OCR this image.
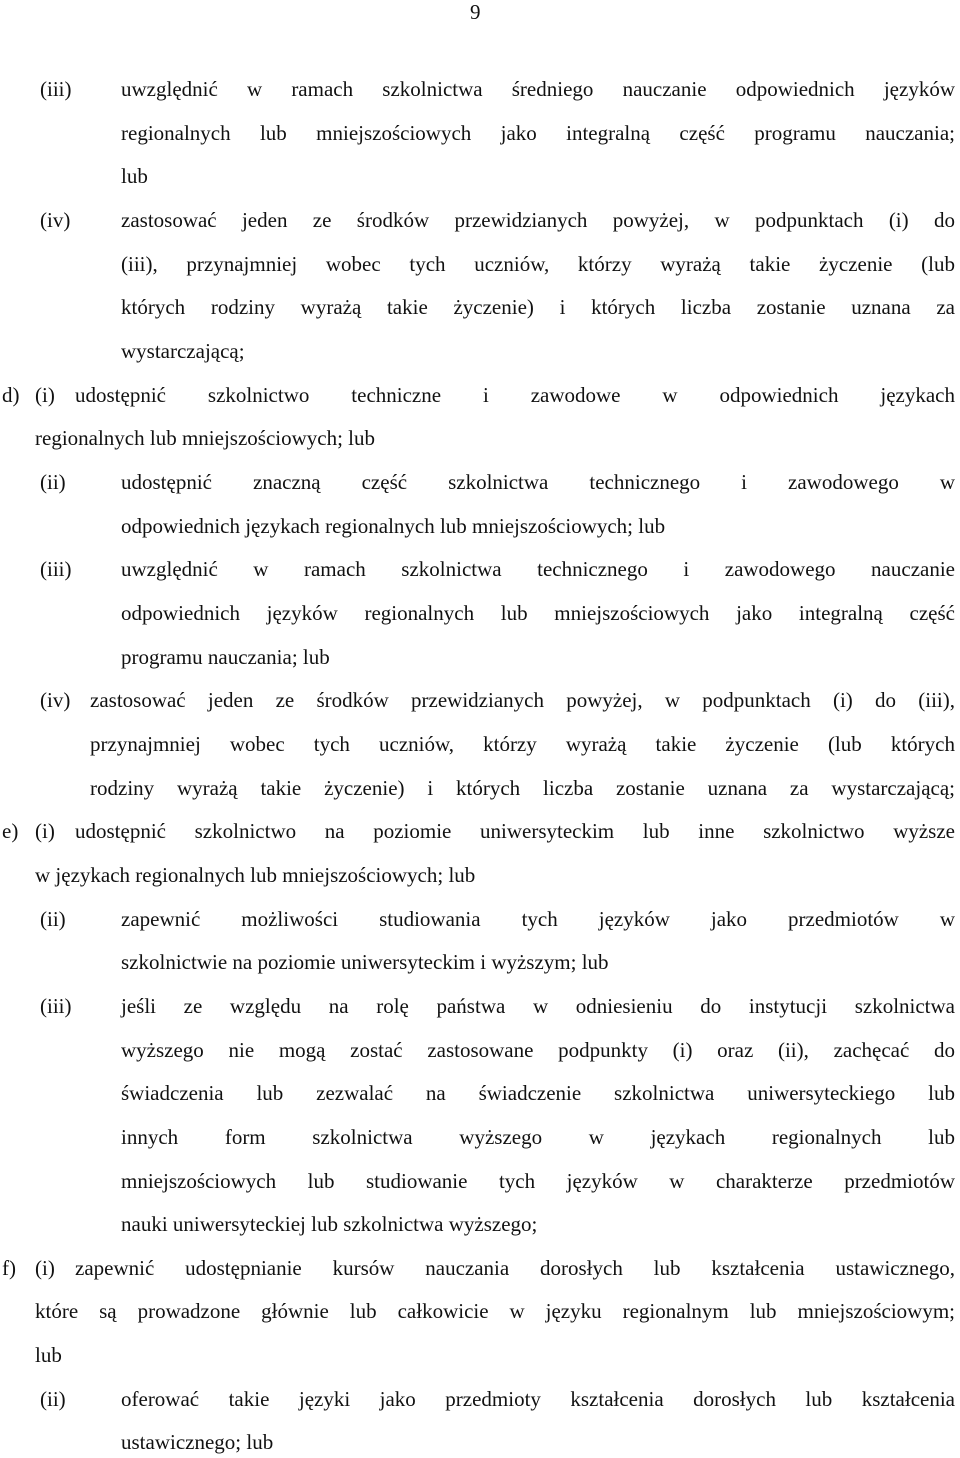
9
(iii) uwzględnić w ramach szkolnictwa średniego nauczanie odpowiednich języków
regionalnych lub mniejszościowych jako integralną część programu nauczania;
lub
(iv) zastosować jeden ze środków przewidzianych powyżej, w podpunktach (i) do
(iii), przynajmniej wobec tych uczniów, którzy wyrażą takie życzenie (lub
których rodziny wyrażą takie życzenie) i których liczba zostanie uznana za
wystarczającą;
d) (i) udostępnić szkolnictwo techniczne i zawodowe w odpowiednich językach
regionalnych lub mniejszościowych; lub
(ii)	udostępnić znaczną część szkolnictwa technicznego i zawodowego w
odpowiednich językach regionalnych lub mniejszościowych; lub
(iii) uwzględnić w ramach szkolnictwa technicznego i zawodowego nauczanie
odpowiednich języków regionalnych lub mniejszościowych jako integralną część
programu nauczania; lub
(iv) zastosować jeden ze środków przewidzianych powyżej, w podpunktach (i) do (iii),
przynajmniej wobec tych uczniów, którzy wyrażą takie życzenie (lub których
rodziny wyrażą takie życzenie) i których liczba zostanie uznana za wystarczającą;
e) (i) udostępnić szkolnictwo na poziomie uniwersyteckim lub inne szkolnictwo wyższe
w językach regionalnych lub mniejszościowych; lub
(ii)	zapewnić możliwości studiowania tych języków jako przedmiotów w
szkolnictwie na poziomie uniwersyteckim i wyższym; lub
(iii) jeśli ze względu na rolę państwa w odniesieniu do instytucji szkolnictwa
wyższego nie mogą zostać zastosowane podpunkty (i) oraz (ii), zachęcać do
świadczenia lub zezwalać na świadczenie szkolnictwa uniwersyteckiego lub
innych form szkolnictwa wyższego w językach regionalnych lub
mniejszościowych lub studiowanie tych języków w charakterze przedmiotów
nauki uniwersyteckiej lub szkolnictwa wyższego;
f) (i) zapewnić udostępnianie kursów nauczania dorosłych lub kształcenia ustawicznego,
które są prowadzone głównie lub całkowicie w języku regionalnym lub mniejszościowym;
lub
(ii)	oferować takie języki jako przedmioty kształcenia dorosłych lub kształcenia
ustawicznego; lub
